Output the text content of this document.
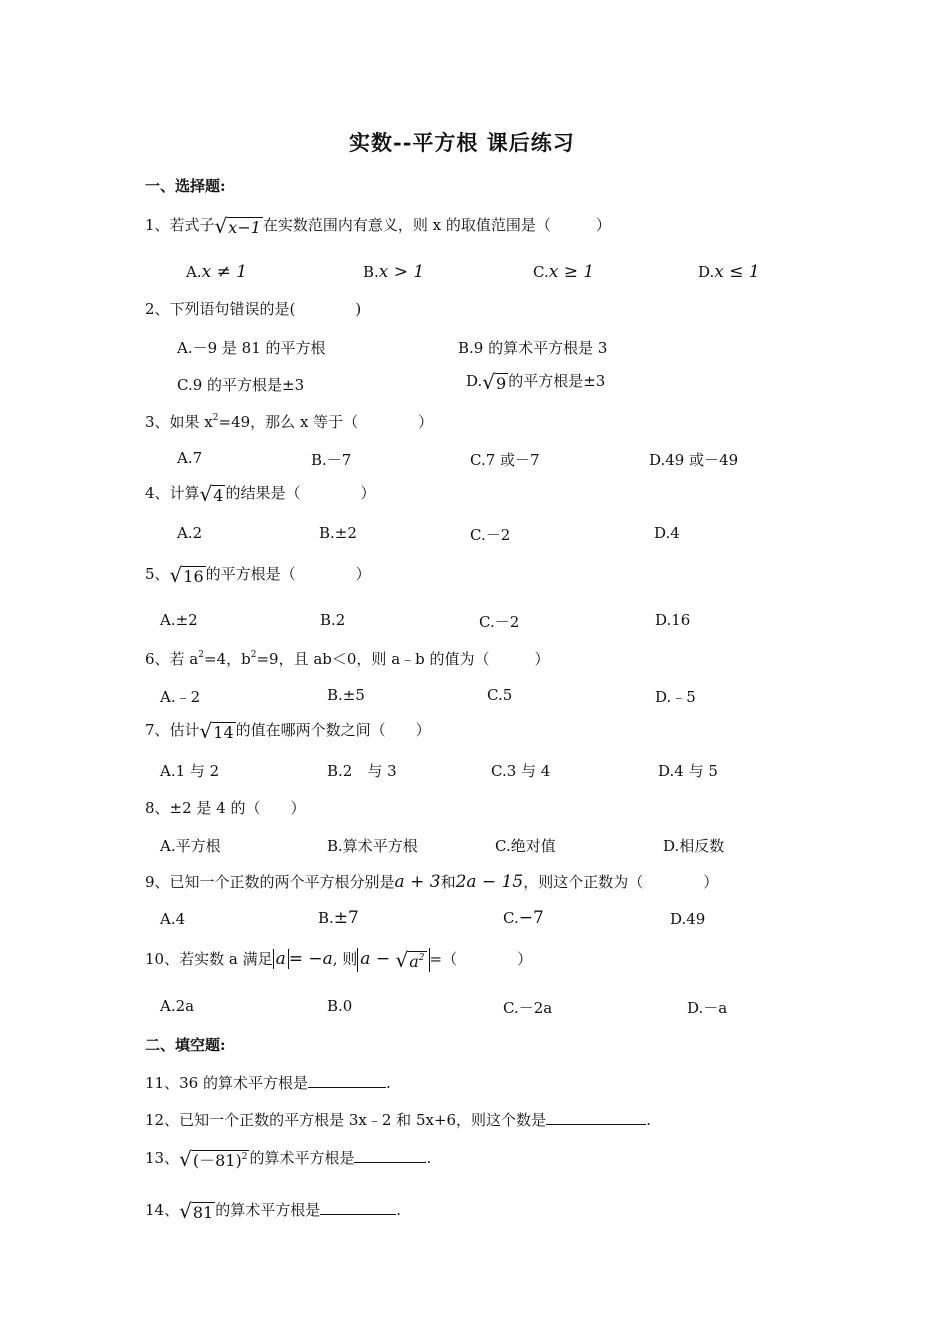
实数--平方根 课后练习
一、选择题:
1、若式子√x−1 在实数范围内有意义，则 x 的取值范围是（　　　）
A.x ≠ 1	B.x > 1	C.x ≥ 1	D.x ≤ 1
2、下列语句错误的是(　　　　)
A.－9 是 81 的平方根	B.9 的算术平方根是 3
C.9 的平方根是±3	D.√9 的平方根是±3
3、如果 $x^2=49$，那么 x 等于（　　　　）
A.7	B.－7	C.7 或－7	D.49 或－49
4、计算√4 的结果是（　　　　）
A.2	B.±2	C.－2	D.4
5、√16 的平方根是（　　　　）
A.±2	B.2	C.－2	D.16
6、若 $a^2=4$，$b^2=9$，且 ab＜0，则 a﹣b 的值为（　　　）
A.﹣2	B.±5	C.5	D.﹣5
7、估计√14 的值在哪两个数之间（　　）
A.1 与 2	B.2　与 3	C.3 与 4	D.4 与 5
8、±2 是 4 的（　　）
A.平方根	B.算术平方根	C.绝对值	D.相反数
9、已知一个正数的两个平方根分别是a + 3和2a − 15，则这个正数为（　　　　）
A.4	B.±7	C.−7	D.49
10、若实数 a 满足 a = −a, 则 $a - √a^2$ =（　　　　）
A.2a	B.0	C.－2a	D.－a
二、填空题:
11、36 的算术平方根是	.
12、已知一个正数的平方根是 3x﹣2 和 5x+6，则这个数是	.
13、$√(-81)^2$ 的算术平方根是	.
14、√81 的算术平方根是	.
